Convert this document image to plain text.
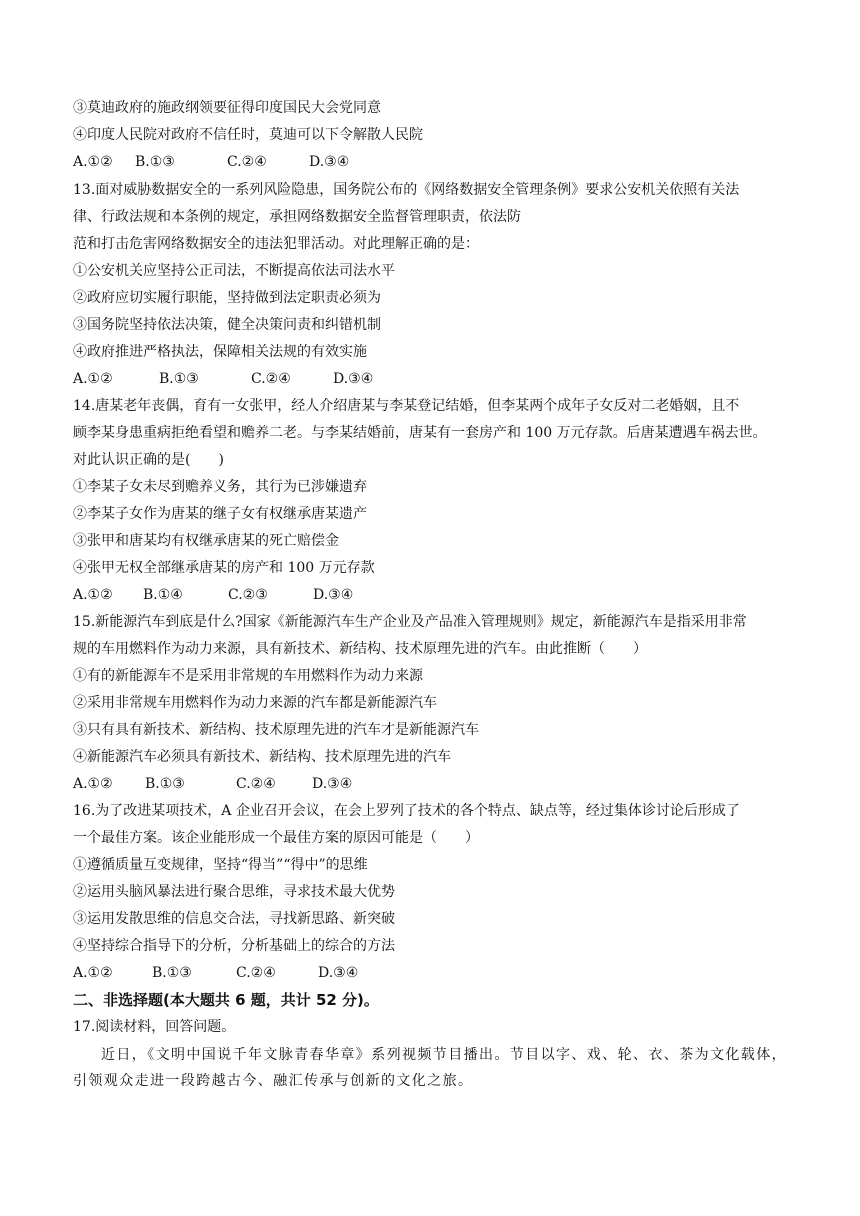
③莫迪政府的施政纲领要征得印度国民大会党同意
④印度人民院对政府不信任时，莫迪可以下令解散人民院
A.①② B.①③	C.②④	D.③④
13.面对威胁数据安全的一系列风险隐患，国务院公布的《网络数据安全管理条例》要求公安机关依照有关法
律、行政法规和本条例的规定，承担网络数据安全监督管理职责，依法防
范和打击危害网络数据安全的违法犯罪活动。对此理解正确的是：
①公安机关应坚持公正司法，不断提高依法司法水平
②政府应切实履行职能，坚持做到法定职责必须为
③国务院坚持依法决策，健全决策问责和纠错机制
④政府推进严格执法，保障相关法规的有效实施
A.①②	B.①③	C.②④	D.③④
14.唐某老年丧偶，育有一女张甲，经人介绍唐某与李某登记结婚，但李某两个成年子女反对二老婚姻，且不
顾李某身患重病拒绝看望和赡养二老。与李某结婚前，唐某有一套房产和 100 万元存款。后唐某遭遇车祸去世。
对此认识正确的是(　　)
①李某子女未尽到赡养义务，其行为已涉嫌遗弃
②李某子女作为唐某的继子女有权继承唐某遗产
③张甲和唐某均有权继承唐某的死亡赔偿金
④张甲无权全部继承唐某的房产和 100 万元存款
A.①② B.①④	C.②③	D.③④
15.新能源汽车到底是什么?国家《新能源汽车生产企业及产品准入管理规则》规定，新能源汽车是指采用非常
规的车用燃料作为动力来源，具有新技术、新结构、技术原理先进的汽车。由此推断（　　）
①有的新能源车不是采用非常规的车用燃料作为动力来源
②采用非常规车用燃料作为动力来源的汽车都是新能源汽车
③只有具有新技术、新结构、技术原理先进的汽车才是新能源汽车
④新能源汽车必须具有新技术、新结构、技术原理先进的汽车
A.①② B.①③	C.②④	D.③④
16.为了改进某项技术，A 企业召开会议，在会上罗列了技术的各个特点、缺点等，经过集体诊讨论后形成了
一个最佳方案。该企业能形成一个最佳方案的原因可能是（　　）
①遵循质量互变规律，坚持“得当”“得中”的思维
②运用头脑风暴法进行聚合思维，寻求技术最大优势
③运用发散思维的信息交合法，寻找新思路、新突破
④坚持综合指导下的分析，分析基础上的综合的方法
A.①②	B.①③	C.②④	D.③④
二、非选择题(本大题共 6 题，共计 52 分)。
17.阅读材料，回答问题。
近日，《文明中国说千年文脉青春华章》系列视频节目播出。节目以字、戏、轮、衣、茶为文化载体，引领观众走进一段跨越古今、融汇传承与创新的文化之旅。
